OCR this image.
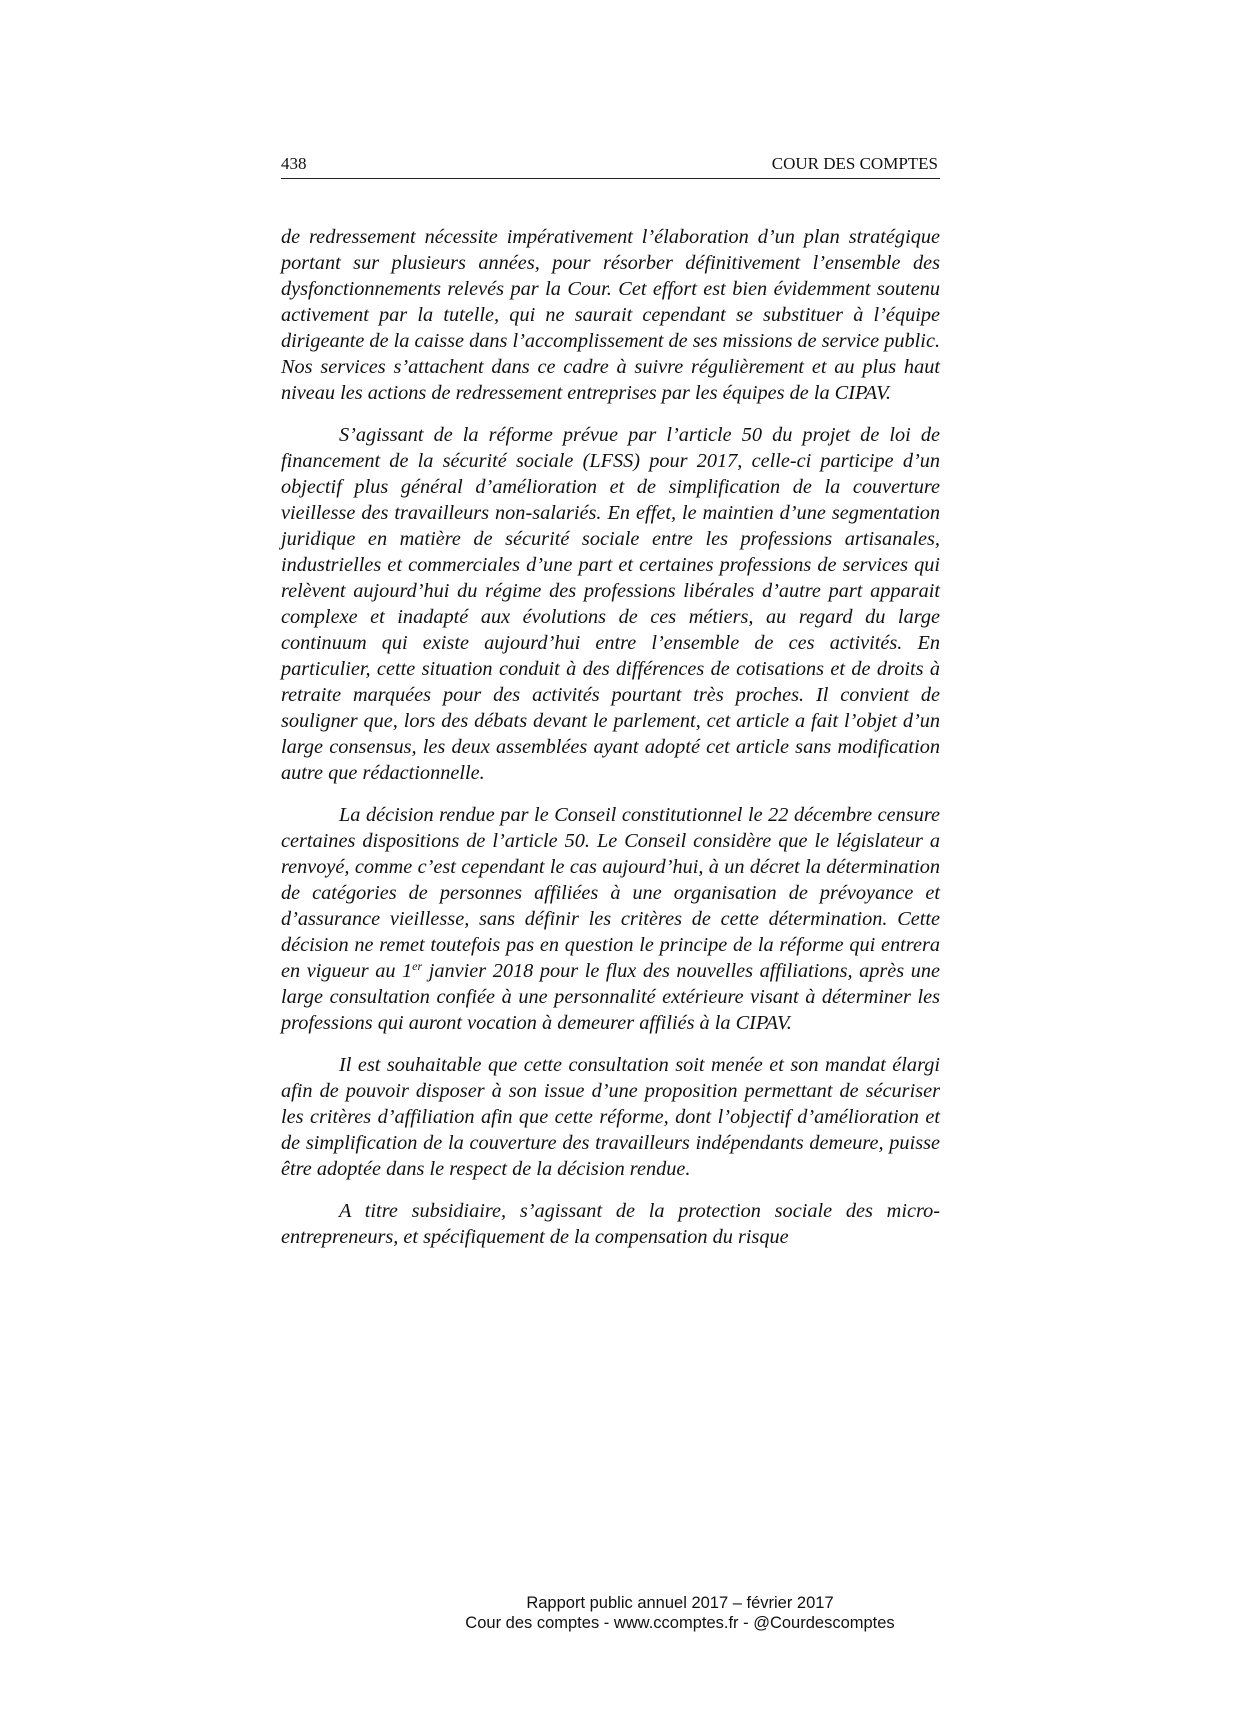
438	COUR DES COMPTES

de redressement nécessite impérativement l’élaboration d’un plan stratégique portant sur plusieurs années, pour résorber définitivement l’ensemble des dysfonctionnements relevés par la Cour. Cet effort est bien évidemment soutenu activement par la tutelle, qui ne saurait cependant se substituer à l’équipe dirigeante de la caisse dans l’accomplissement de ses missions de service public. Nos services s’attachent dans ce cadre à suivre régulièrement et au plus haut niveau les actions de redressement entreprises par les équipes de la CIPAV.

S’agissant de la réforme prévue par l’article 50 du projet de loi de financement de la sécurité sociale (LFSS) pour 2017, celle-ci participe d’un objectif plus général d’amélioration et de simplification de la couverture vieillesse des travailleurs non-salariés. En effet, le maintien d’une segmentation juridique en matière de sécurité sociale entre les professions artisanales, industrielles et commerciales d’une part et certaines professions de services qui relèvent aujourd’hui du régime des professions libérales d’autre part apparait complexe et inadapté aux évolutions de ces métiers, au regard du large continuum qui existe aujourd’hui entre l’ensemble de ces activités. En particulier, cette situation conduit à des différences de cotisations et de droits à retraite marquées pour des activités pourtant très proches. Il convient de souligner que, lors des débats devant le parlement, cet article a fait l’objet d’un large consensus, les deux assemblées ayant adopté cet article sans modification autre que rédactionnelle.

La décision rendue par le Conseil constitutionnel le 22 décembre censure certaines dispositions de l’article 50. Le Conseil considère que le législateur a renvoyé, comme c’est cependant le cas aujourd’hui, à un décret la détermination de catégories de personnes affiliées à une organisation de prévoyance et d’assurance vieillesse, sans définir les critères de cette détermination. Cette décision ne remet toutefois pas en question le principe de la réforme qui entrera en vigueur au 1er janvier 2018 pour le flux des nouvelles affiliations, après une large consultation confiée à une personnalité extérieure visant à déterminer les professions qui auront vocation à demeurer affiliés à la CIPAV.

Il est souhaitable que cette consultation soit menée et son mandat élargi afin de pouvoir disposer à son issue d’une proposition permettant de sécuriser les critères d’affiliation afin que cette réforme, dont l’objectif d’amélioration et de simplification de la couverture des travailleurs indépendants demeure, puisse être adoptée dans le respect de la décision rendue.

A titre subsidiaire, s’agissant de la protection sociale des micro-entrepreneurs, et spécifiquement de la compensation du risque

Rapport public annuel 2017 – février 2017
Cour des comptes - www.ccomptes.fr - @Courdescomptes
